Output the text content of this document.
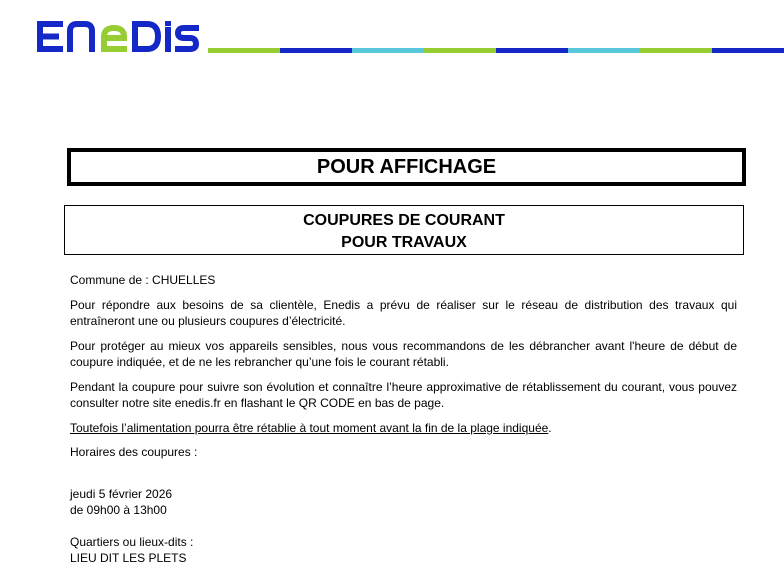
POUR AFFICHAGE
COUPURES DE COURANT
POUR TRAVAUX

Commune de : CHUELLES

Pour répondre aux besoins de sa clientèle, Enedis a prévu de réaliser sur le réseau de distribution des travaux qui entraîneront une ou plusieurs coupures d’électricité.

Pour protéger au mieux vos appareils sensibles, nous vous recommandons de les débrancher avant l'heure de début de coupure indiquée, et de ne les rebrancher qu’une fois le courant rétabli.

Pendant la coupure pour suivre son évolution et connaître l’heure approximative de rétablissement du courant, vous pouvez consulter notre site enedis.fr en flashant le QR CODE en bas de page.

Toutefois l’alimentation pourra être rétablie à tout moment avant la fin de la plage indiquée.

Horaires des coupures :
jeudi 5 février 2026
de 09h00 à 13h00
Quartiers ou lieux-dits :
LIEU DIT LES PLETS
